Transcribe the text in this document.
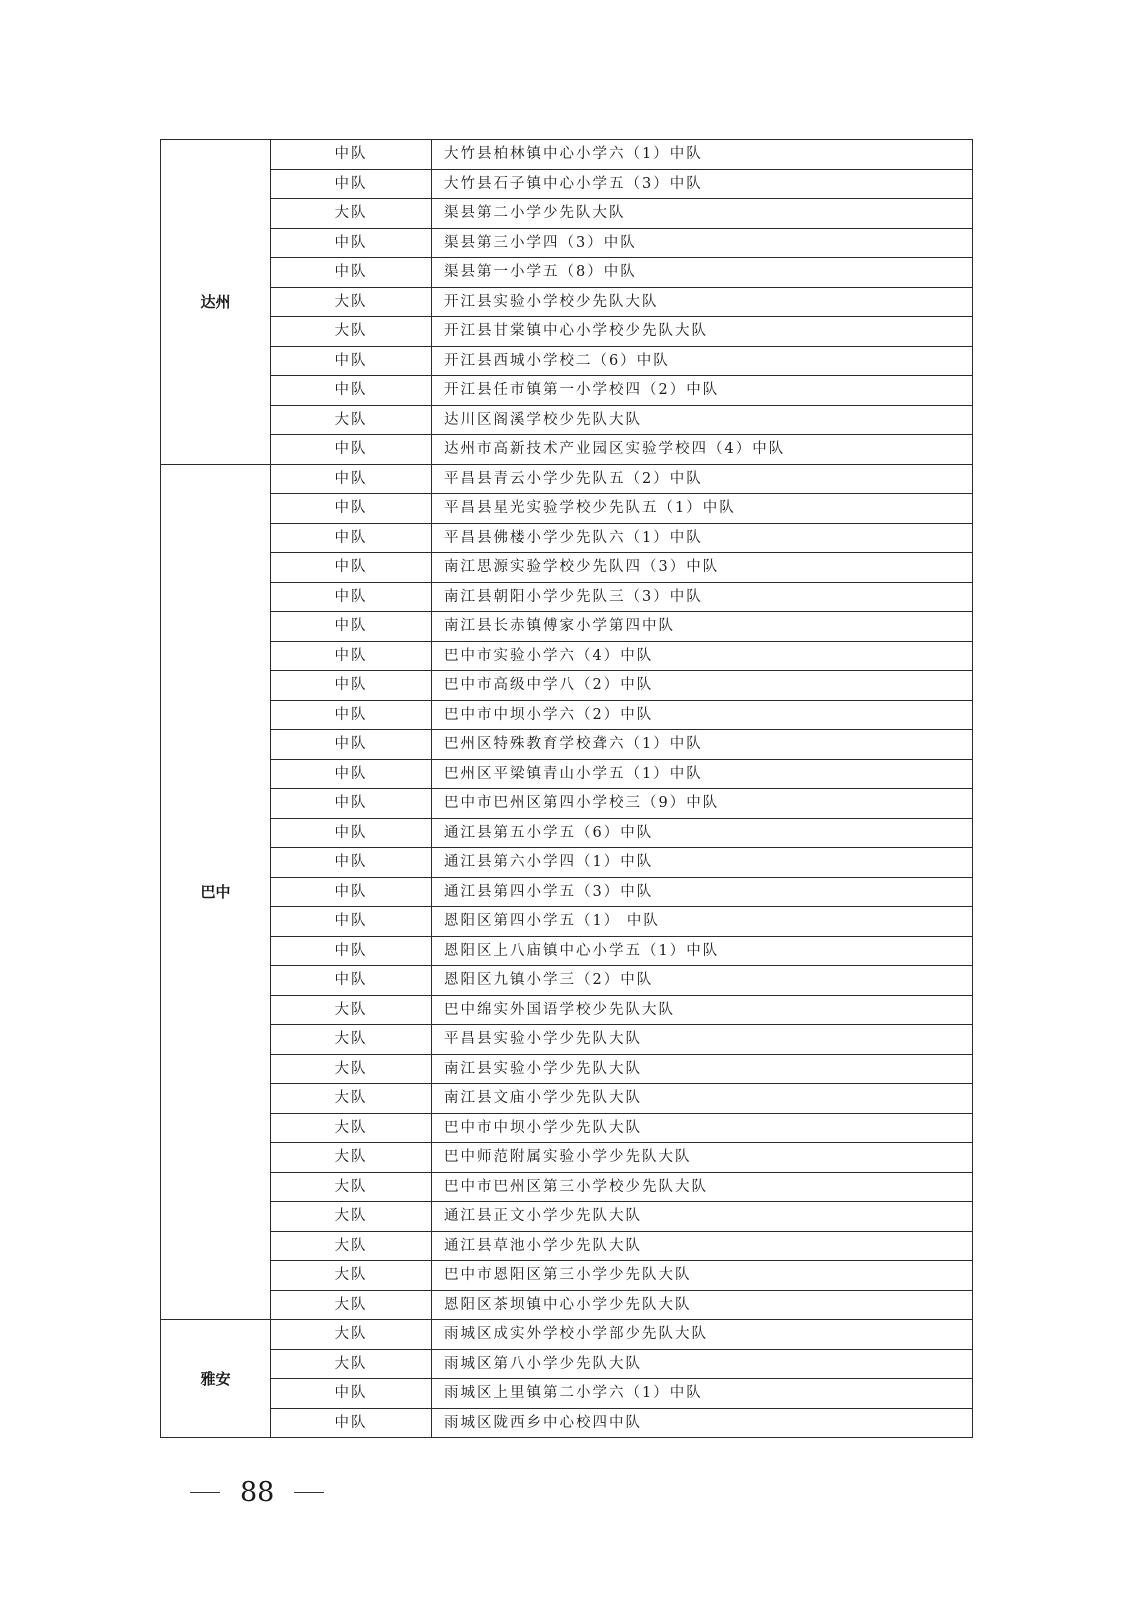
达州	中队	大竹县柏林镇中心小学六（1）中队
	中队	大竹县石子镇中心小学五（3）中队
	大队	渠县第二小学少先队大队
	中队	渠县第三小学四（3）中队
	中队	渠县第一小学五（8）中队
	大队	开江县实验小学校少先队大队
	大队	开江县甘棠镇中心小学校少先队大队
	中队	开江县西城小学校二（6）中队
	中队	开江县任市镇第一小学校四（2）中队
	大队	达川区阁溪学校少先队大队
	中队	达州市高新技术产业园区实验学校四（4）中队
巴中	中队	平昌县青云小学少先队五（2）中队
	中队	平昌县星光实验学校少先队五（1）中队
	中队	平昌县佛楼小学少先队六（1）中队
	中队	南江思源实验学校少先队四（3）中队
	中队	南江县朝阳小学少先队三（3）中队
	中队	南江县长赤镇傅家小学第四中队
	中队	巴中市实验小学六（4）中队
	中队	巴中市高级中学八（2）中队
	中队	巴中市中坝小学六（2）中队
	中队	巴州区特殊教育学校聋六（1）中队
	中队	巴州区平梁镇青山小学五（1）中队
	中队	巴中市巴州区第四小学校三（9）中队
	中队	通江县第五小学五（6）中队
	中队	通江县第六小学四（1）中队
	中队	通江县第四小学五（3）中队
	中队	恩阳区第四小学五（1） 中队
	中队	恩阳区上八庙镇中心小学五（1）中队
	中队	恩阳区九镇小学三（2）中队
	大队	巴中绵实外国语学校少先队大队
	大队	平昌县实验小学少先队大队
	大队	南江县实验小学少先队大队
	大队	南江县文庙小学少先队大队
	大队	巴中市中坝小学少先队大队
	大队	巴中师范附属实验小学少先队大队
	大队	巴中市巴州区第三小学校少先队大队
	大队	通江县正文小学少先队大队
	大队	通江县草池小学少先队大队
	大队	巴中市恩阳区第三小学少先队大队
	大队	恩阳区茶坝镇中心小学少先队大队
雅安	大队	雨城区成实外学校小学部少先队大队
	大队	雨城区第八小学少先队大队
	中队	雨城区上里镇第二小学六（1）中队
	中队	雨城区陇西乡中心校四中队
88
